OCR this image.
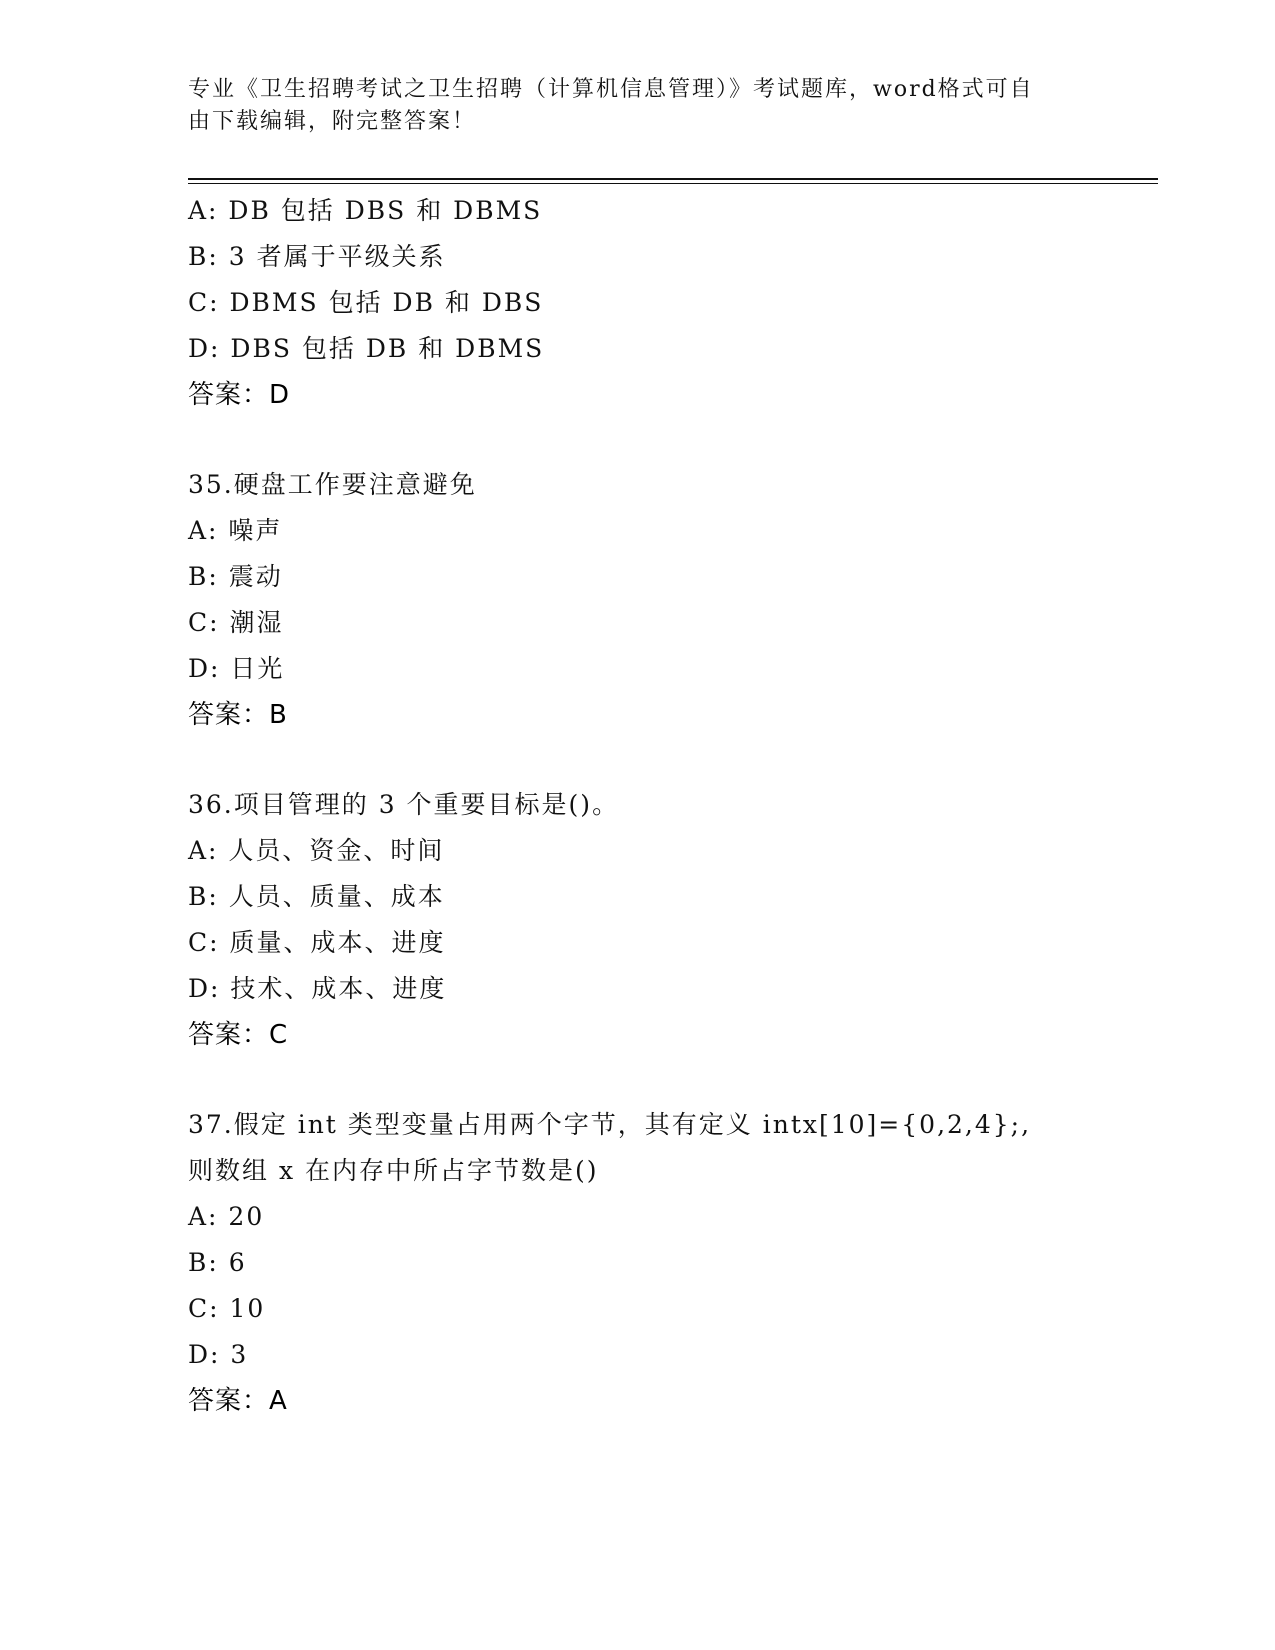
专业《卫生招聘考试之卫生招聘（计算机信息管理）》考试题库，word格式可自
由下载编辑，附完整答案！
A: DB 包括 DBS 和 DBMS
B: 3 者属于平级关系
C: DBMS 包括 DB 和 DBS
D: DBS 包括 DB 和 DBMS
答案：D
35.硬盘工作要注意避免
A: 噪声
B: 震动
C: 潮湿
D: 日光
答案：B
36.项目管理的 3 个重要目标是()。
A: 人员、资金、时间
B: 人员、质量、成本
C: 质量、成本、进度
D: 技术、成本、进度
答案：C
37.假定 int 类型变量占用两个字节，其有定义 intx[10]={0,2,4};,
则数组 x 在内存中所占字节数是()
A: 20
B: 6
C: 10
D: 3
答案：A
